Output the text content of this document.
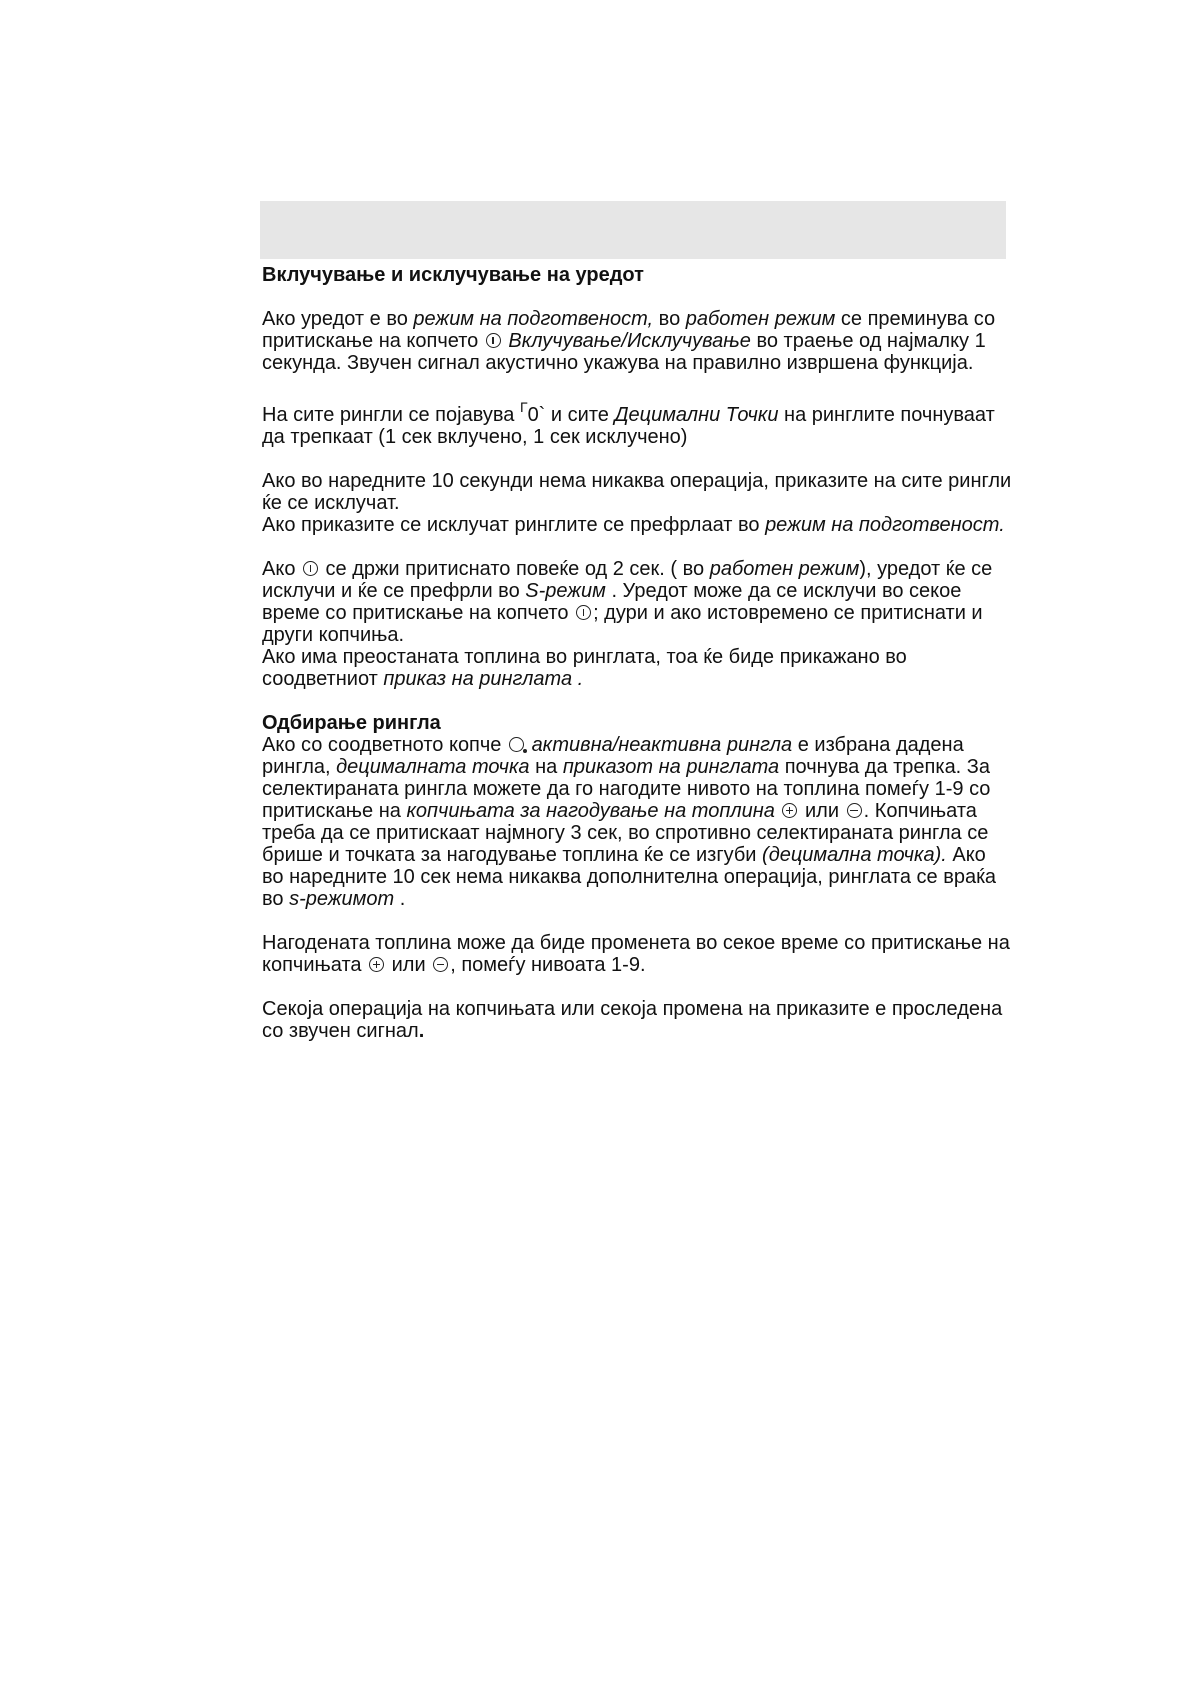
Вклучување и исклучување на уредот

Ако уредот е во режим на подготвеност, во работен режим се преминува со притискање на копчето  Вклучување/Исклучување во траење од најмалку 1 секунда. Звучен сигнал акустично укажува на правилно извршена функција.

На сите рингли се појавува $^Г$0` и сите Децимални Точки на ринглите почнуваат да трепкаат (1 сек вклучено, 1 сек исклучено)

Ако во наредните 10 секунди нема никаква операција, приказите на сите рингли ќе се исклучат.

Ако приказите се исклучат ринглите се префрлаат во режим на подготвеност.

Ако  се држи притиснато повеќе од 2 сек. ( во работен режим), уредот ќе се исклучи и ќе се префрли во S-режим . Уредот може да се исклучи во секое време со притискање на копчето ; дури и ако истовремено се притиснати и други копчиња.

Ако има преостаната топлина во ринглата, тоа ќе биде прикажано во соодветниот приказ на ринглата .

Одбирање рингла

Ако со соодветното копче  активна/неактивна рингла е избрана дадена рингла, децималната точка на приказот на ринглата почнува да трепка. За селектираната рингла можете да го нагодите нивото на топлина помеѓу 1-9 со притискање на копчињата за нагодување на топлина  или . Копчињата треба да се притискаат најмногу 3 сек, во спротивно селектираната рингла се брише и точката за нагодување топлина ќе се изгуби (децимална точка). Ако во наредните 10 сек нема никаква дополнителна операција, ринглата се враќа во s-режимот .

Нагодената топлина може да биде променета во секое време со притискање на копчињата  или , помеѓу нивоата 1-9.

Секоја операција на копчињата или секоја промена на приказите е проследена со звучен сигнал.
